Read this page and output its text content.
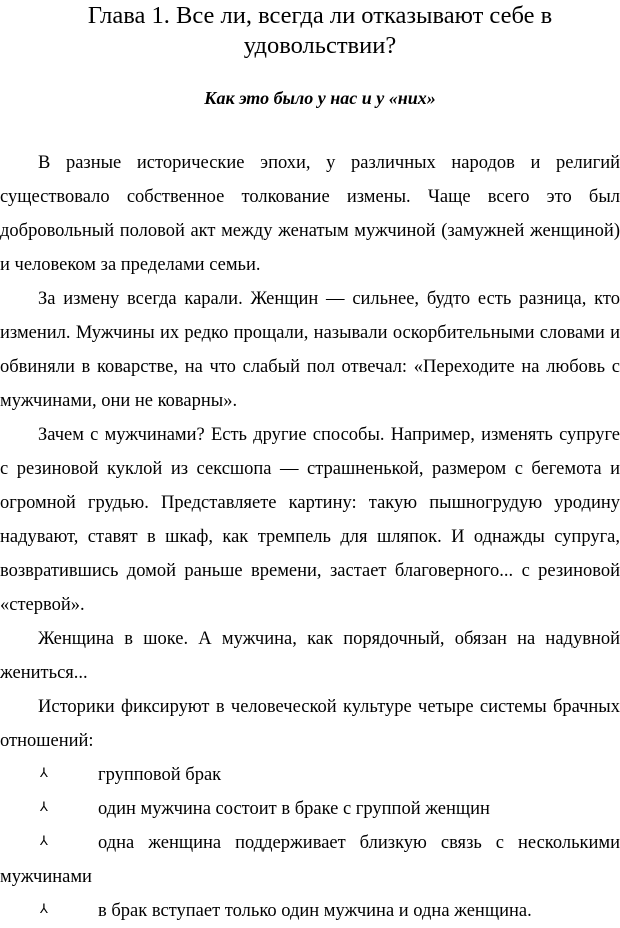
Глава 1. Все ли, всегда ли отказывают себе в удовольствии?
Как это было у нас и у «них»

В разные исторические эпохи, у различных народов и религий существовало собственное толкование измены. Чаще всего это был добровольный половой акт между женатым мужчиной (замужней женщиной) и человеком за пределами семьи.

За измену всегда карали. Женщин — сильнее, будто есть разница, кто изменил. Мужчины их редко прощали, называли оскорбительными словами и обвиняли в коварстве, на что слабый пол отвечал: «Переходите на любовь с мужчинами, они не коварны».

Зачем с мужчинами? Есть другие способы. Например, изменять супруге с резиновой куклой из сексшопа — страшненькой, размером с бегемота и огромной грудью. Представляете картину: такую пышногрудую уродину надувают, ставят в шкаф, как тремпель для шляпок. И однажды супруга, возвратившись домой раньше времени, застает благоверного... с резиновой «стервой».

Женщина в шоке. А мужчина, как порядочный, обязан на надувной жениться...

Историки фиксируют в человеческой культуре четыре системы брачных отношений:

⅄	групповой брак
⅄	один мужчина состоит в браке с группой женщин
⅄	одна женщина поддерживает близкую связь с несколькими мужчинами
⅄	в брак вступает только один мужчина и одна женщина.
